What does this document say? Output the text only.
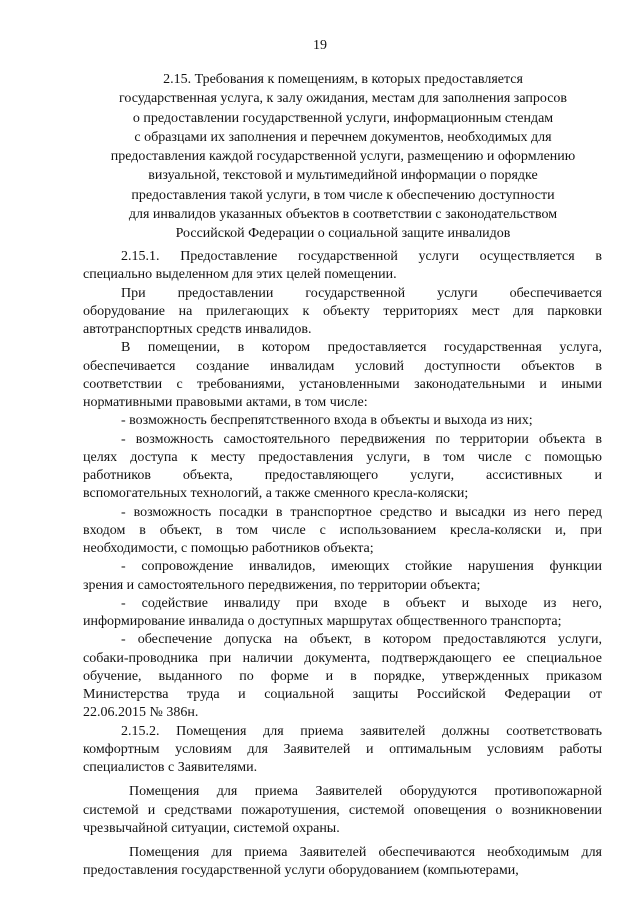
19
2.15. Требования к помещениям, в которых предоставляется
государственная услуга, к залу ожидания, местам для заполнения запросов
о предоставлении государственной услуги, информационным стендам
с образцами их заполнения и перечнем документов, необходимых для
предоставления каждой государственной услуги, размещению и оформлению
визуальной, текстовой и мультимедийной информации о порядке
предоставления такой услуги, в том числе к обеспечению доступности
для инвалидов указанных объектов в соответствии с законодательством
Российской Федерации о социальной защите инвалидов

2.15.1. Предоставление государственной услуги осуществляется в
специально выделенном для этих целей помещении.

При предоставлении государственной услуги обеспечивается
оборудование на прилегающих к объекту территориях мест для парковки
автотранспортных средств инвалидов.

В помещении, в котором предоставляется государственная услуга,
обеспечивается создание инвалидам условий доступности объектов в
соответствии с требованиями, установленными законодательными и иными
нормативными правовыми актами, в том числе:

- возможность беспрепятственного входа в объекты и выхода из них;

- возможность самостоятельного передвижения по территории объекта в
целях доступа к месту предоставления услуги, в том числе с помощью
работников объекта, предоставляющего услуги, ассистивных и
вспомогательных технологий, а также сменного кресла-коляски;

- возможность посадки в транспортное средство и высадки из него перед
входом в объект, в том числе с использованием кресла-коляски и, при
необходимости, с помощью работников объекта;

- сопровождение инвалидов, имеющих стойкие нарушения функции
зрения и самостоятельного передвижения, по территории объекта;

- содействие инвалиду при входе в объект и выходе из него,
информирование инвалида о доступных маршрутах общественного транспорта;

- обеспечение допуска на объект, в котором предоставляются услуги,
собаки-проводника при наличии документа, подтверждающего ее специальное
обучение, выданного по форме и в порядке, утвержденных приказом
Министерства труда и социальной защиты Российской Федерации от
22.06.2015 № 386н.

2.15.2. Помещения для приема заявителей должны соответствовать
комфортным условиям для Заявителей и оптимальным условиям работы
специалистов с Заявителями.

Помещения для приема Заявителей оборудуются противопожарной
системой и средствами пожаротушения, системой оповещения о возникновении
чрезвычайной ситуации, системой охраны.

Помещения для приема Заявителей обеспечиваются необходимым для
предоставления государственной услуги оборудованием (компьютерами,
